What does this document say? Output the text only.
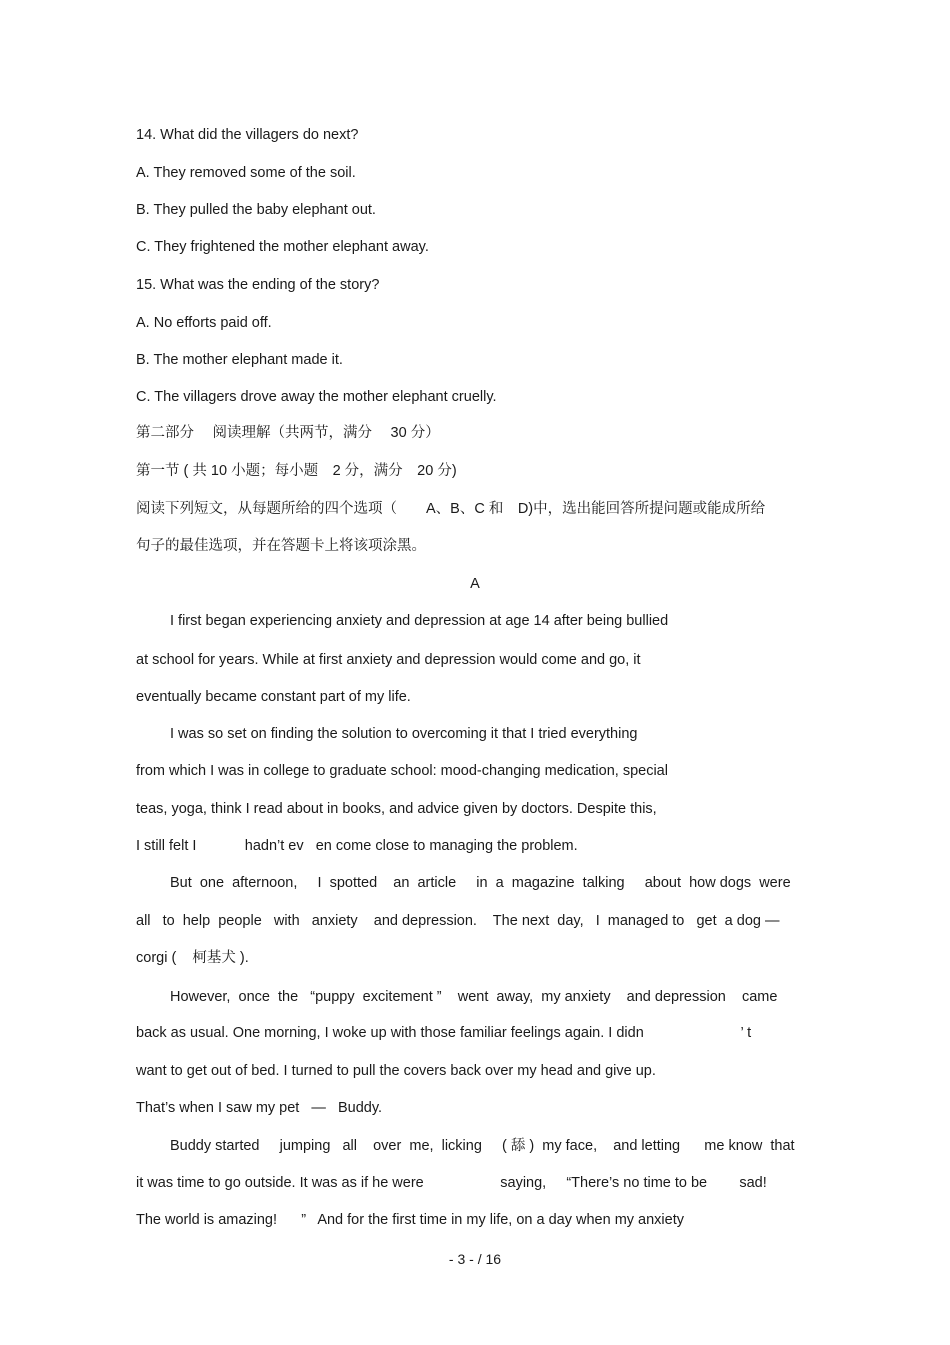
14. What did the villagers do next?
A. They removed some of the soil.
B. They pulled the baby elephant out.
C. They frightened the mother elephant away.
15. What was the ending of the story?
A. No efforts paid off.
B. The mother elephant made it.
C. The villagers drove away the mother elephant cruelly.
第二部分　 阅读理解（共两节，满分　 30 分）
第一节 ( 共 10 小题；每小题　2 分，满分　20 分)
阅读下列短文，从每题所给的四个选项（　　A、B、C 和　D)中，选出能回答所提问题或能成所给
句子的最佳选项，并在答题卡上将该项涂黑。
A
I first began experiencing anxiety and depression at age 14 after being bullied
at school for years. While at first anxiety and depression would come and go, it
eventually became constant part of my life.
I was so set on finding the solution to overcoming it that I tried everything
from which I was in college to graduate school: mood-changing medication, special
teas, yoga, think I read about in books, and advice given by doctors. Despite this,
I still felt I            hadn’t ev   en come close to managing the problem.
But  one  afternoon,     I  spotted    an  article     in  a  magazine  talking     about  how dogs  were
all   to  help  people   with   anxiety    and depression.    The next  day,   I  managed to   get  a dog —
corgi (    柯基犬 ).
However,  once  the   “puppy  excitement ”    went  away,  my anxiety    and depression    came
back as usual. One morning, I woke up with those familiar feelings again. I didn                        ’ t
want to get out of bed. I turned to pull the covers back over my head and give up.
That’s when I saw my pet   —   Buddy.
Buddy started     jumping   all    over  me,  licking     ( 舔 )  my face,    and letting      me know  that
it was time to go outside. It was as if he were                   saying,     “There’s no time to be        sad!
The world is amazing!      ”   And for the first time in my life, on a day when my anxiety
- 3 - / 16
